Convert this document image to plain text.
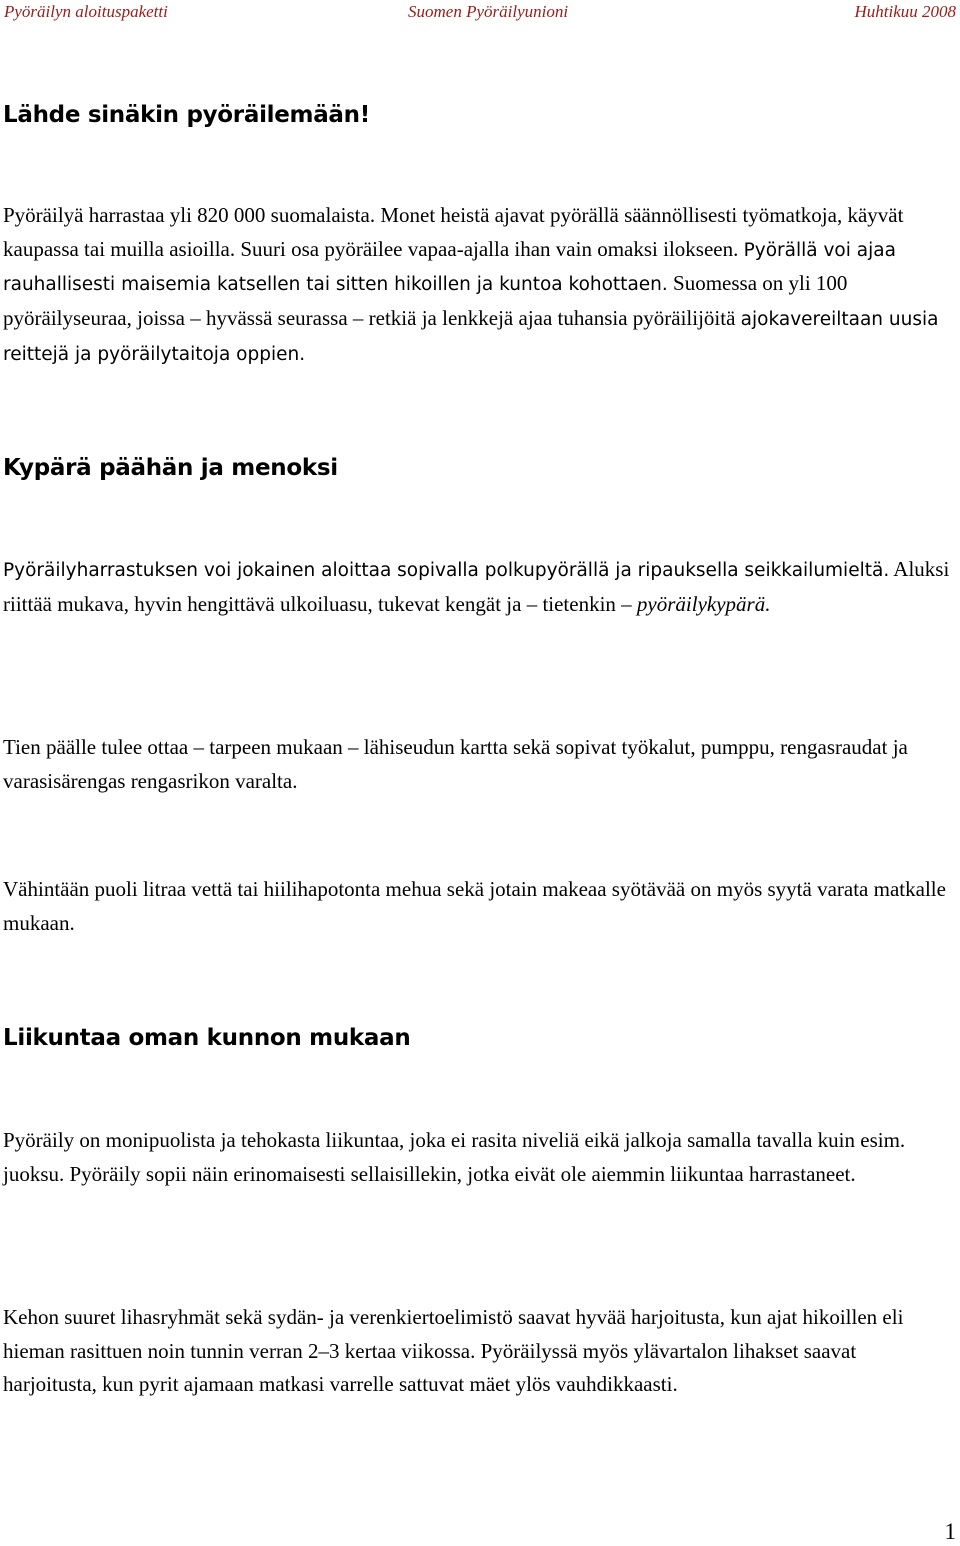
Pyöräilyn aloituspaketti	Suomen Pyöräilyunioni	Huhtikuu 2008
Lähde sinäkin pyöräilemään!

Pyöräilyä harrastaa yli 820 000 suomalaista. Monet heistä ajavat pyörällä säännöllisesti työmatkoja, käyvät kaupassa tai muilla asioilla. Suuri osa pyöräilee vapaa-ajalla ihan vain omaksi ilokseen. Pyörällä voi ajaa rauhallisesti maisemia katsellen tai sitten hikoillen ja kuntoa kohottaen. Suomessa on yli 100 pyöräilyseuraa, joissa – hyvässä seurassa – retkiä ja lenkkejä ajaa tuhansia pyöräilijöitä ajokavereiltaan uusia reittejä ja pyöräilytaitoja oppien.

Kypärä päähän ja menoksi

Pyöräilyharrastuksen voi jokainen aloittaa sopivalla polkupyörällä ja ripauksella seikkailumieltä. Aluksi riittää mukava, hyvin hengittävä ulkoiluasu, tukevat kengät ja – tietenkin – pyöräilykypärä.

Tien päälle tulee ottaa – tarpeen mukaan – lähiseudun kartta sekä sopivat työkalut, pumppu, rengasraudat ja varasisärengas rengasrikon varalta.

Vähintään puoli litraa vettä tai hiilihapotonta mehua sekä jotain makeaa syötävää on myös syytä varata matkalle mukaan.

Liikuntaa oman kunnon mukaan

Pyöräily on monipuolista ja tehokasta liikuntaa, joka ei rasita niveliä eikä jalkoja samalla tavalla kuin esim. juoksu. Pyöräily sopii näin erinomaisesti sellaisillekin, jotka eivät ole aiemmin liikuntaa harrastaneet.

Kehon suuret lihasryhmät sekä sydän- ja verenkiertoelimistö saavat hyvää harjoitusta, kun ajat hikoillen eli hieman rasittuen noin tunnin verran 2–3 kertaa viikossa. Pyöräilyssä myös ylävartalon lihakset saavat harjoitusta, kun pyrit ajamaan matkasi varrelle sattuvat mäet ylös vauhdikkaasti.

1
